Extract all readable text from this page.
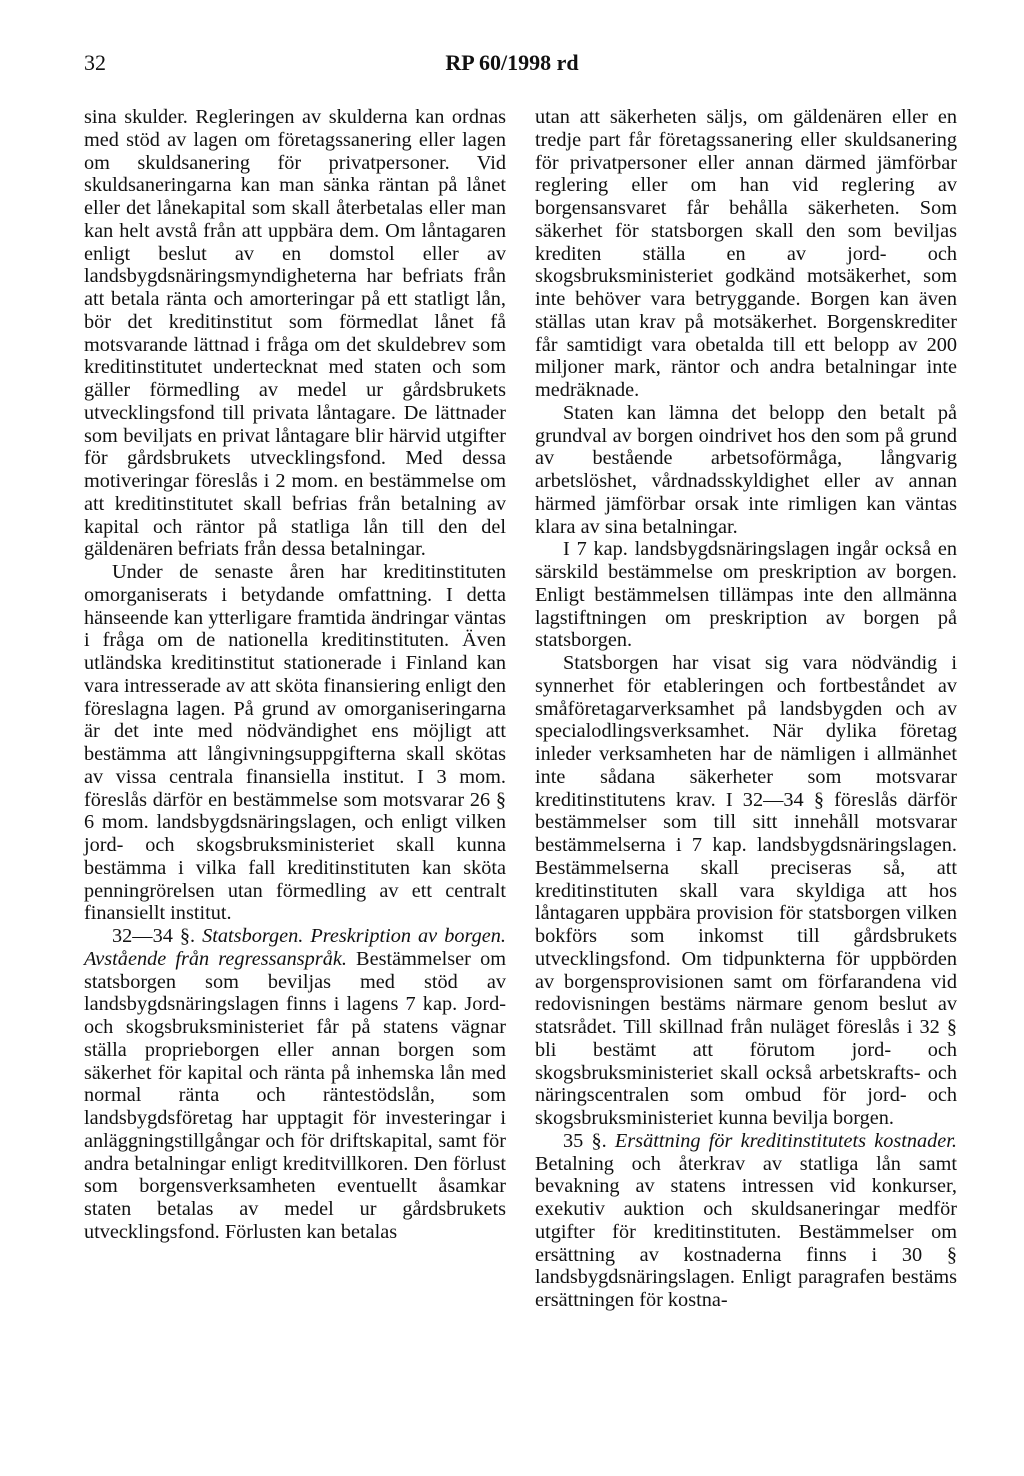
32	RP 60/1998 rd

sina skulder. Regleringen av skulderna kan ordnas med stöd av lagen om företagssanering eller lagen om skuldsanering för privatpersoner. Vid skuldsaneringarna kan man sänka räntan på lånet eller det lånekapital som skall återbetalas eller man kan helt avstå från att uppbära dem. Om låntagaren enligt beslut av en domstol eller av landsbygdsnäringsmyndigheterna har befriats från att betala ränta och amorteringar på ett statligt lån, bör det kreditinstitut som förmedlat lånet få motsvarande lättnad i fråga om det skuldebrev som kreditinstitutet undertecknat med staten och som gäller förmedling av medel ur gårdsbrukets utvecklingsfond till privata låntagare. De lättnader som beviljats en privat låntagare blir härvid utgifter för gårdsbrukets utvecklingsfond. Med dessa motiveringar föreslås i 2 mom. en bestämmelse om att kreditinstitutet skall befrias från betalning av kapital och räntor på statliga lån till den del gäldenären befriats från dessa betalningar.

Under de senaste åren har kreditinstituten omorganiserats i betydande omfattning. I detta hänseende kan ytterligare framtida ändringar väntas i fråga om de nationella kreditinstituten. Även utländska kreditinstitut stationerade i Finland kan vara intresserade av att sköta finansiering enligt den föreslagna lagen. På grund av omorganiseringarna är det inte med nödvändighet ens möjligt att bestämma att långivningsuppgifterna skall skötas av vissa centrala finansiella institut. I 3 mom. föreslås därför en bestämmelse som motsvarar 26 § 6 mom. landsbygdsnäringslagen, och enligt vilken jord- och skogsbruksministeriet skall kunna bestämma i vilka fall kreditinstituten kan sköta penningrörelsen utan förmedling av ett centralt finansiellt institut.

32—34 §. Statsborgen. Preskription av borgen. Avstående från regressanspråk. Bestämmelser om statsborgen som beviljas med stöd av landsbygdsnäringslagen finns i lagens 7 kap. Jord- och skogsbruksministeriet får på statens vägnar ställa proprieborgen eller annan borgen som säkerhet för kapital och ränta på inhemska lån med normal ränta och räntestödslån, som landsbygdsföretag har upptagit för investeringar i anläggningstillgångar och för driftskapital, samt för andra betalningar enligt kreditvillkoren. Den förlust som borgensverksamheten eventuellt åsamkar staten betalas av medel ur gårdsbrukets utvecklingsfond. Förlusten kan betalas

utan att säkerheten säljs, om gäldenären eller en tredje part får företagssanering eller skuldsanering för privatpersoner eller annan därmed jämförbar reglering eller om han vid reglering av borgensansvaret får behålla säkerheten. Som säkerhet för statsborgen skall den som beviljas krediten ställa en av jord- och skogsbruksministeriet godkänd motsäkerhet, som inte behöver vara betryggande. Borgen kan även ställas utan krav på motsäkerhet. Borgenskrediter får samtidigt vara obetalda till ett belopp av 200 miljoner mark, räntor och andra betalningar inte medräknade.

Staten kan lämna det belopp den betalt på grundval av borgen oindrivet hos den som på grund av bestående arbetsoförmåga, långvarig arbetslöshet, vårdnadsskyldighet eller av annan härmed jämförbar orsak inte rimligen kan väntas klara av sina betalningar.

I 7 kap. landsbygdsnäringslagen ingår också en särskild bestämmelse om preskription av borgen. Enligt bestämmelsen tillämpas inte den allmänna lagstiftningen om preskription av borgen på statsborgen.

Statsborgen har visat sig vara nödvändig i synnerhet för etableringen och fortbeståndet av småföretagarverksamhet på landsbygden och av specialodlingsverksamhet. När dylika företag inleder verksamheten har de nämligen i allmänhet inte sådana säkerheter som motsvarar kreditinstitutens krav. I 32—34 § föreslås därför bestämmelser som till sitt innehåll motsvarar bestämmelserna i 7 kap. landsbygdsnäringslagen. Bestämmelserna skall preciseras så, att kreditinstituten skall vara skyldiga att hos låntagaren uppbära provision för statsborgen vilken bokförs som inkomst till gårdsbrukets utvecklingsfond. Om tidpunkterna för uppbörden av borgensprovisionen samt om förfarandena vid redovisningen bestäms närmare genom beslut av statsrådet. Till skillnad från nuläget föreslås i 32 § bli bestämt att förutom jord- och skogsbruksministeriet skall också arbetskrafts- och näringscentralen som ombud för jord- och skogsbruksministeriet kunna bevilja borgen.

35 §. Ersättning för kreditinstitutets kostnader. Betalning och återkrav av statliga lån samt bevakning av statens intressen vid konkurser, exekutiv auktion och skuldsaneringar medför utgifter för kreditinstituten. Bestämmelser om ersättning av kostnaderna finns i 30 § landsbygdsnäringslagen. Enligt paragrafen bestäms ersättningen för kostna-
